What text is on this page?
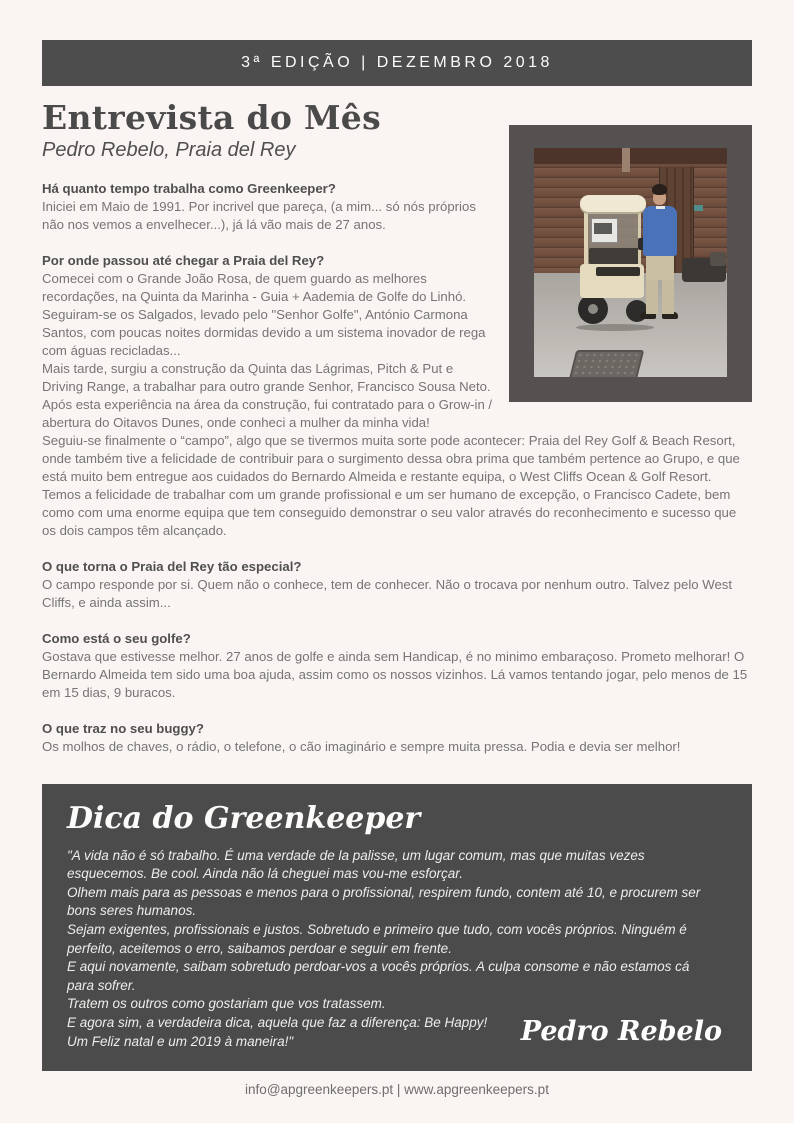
3ª EDIÇÃO | DEZEMBRO 2018
Entrevista do Mês
Pedro Rebelo, Praia del Rey
Há quanto tempo trabalha como Greenkeeper?

Iniciei em Maio de 1991. Por incrivel que pareça, (a mim... só nós próprios não nos vemos a envelhecer...), já lá vão mais de 27 anos.

Por onde passou até chegar a Praia del Rey?

Comecei com o Grande João Rosa, de quem guardo as melhores recordações, na Quinta da Marinha - Guia + Aademia de Golfe do Linhó.

Seguiram-se os Salgados, levado pelo "Senhor Golfe", António Carmona Santos, com poucas noites dormidas devido a um sistema inovador de rega com águas recicladas...

Mais tarde, surgiu a construção da Quinta das Lágrimas, Pitch & Put e Driving Range, a trabalhar para outro grande Senhor, Francisco Sousa Neto.

Após esta experiência na área da construção, fui contratado para o Grow-in / abertura do Oitavos Dunes, onde conheci a mulher da minha vida!

Seguiu-se finalmente o “campo”, algo que se tivermos muita sorte pode acontecer: Praia del Rey Golf & Beach Resort, onde também tive a felicidade de contribuir para o surgimento dessa obra prima que também pertence ao Grupo, e que está muito bem entregue aos cuidados do Bernardo Almeida e restante equipa, o West Cliffs Ocean & Golf Resort. Temos a felicidade de trabalhar com um grande profissional e um ser humano de excepção, o Francisco Cadete, bem como com uma enorme equipa que tem conseguido demonstrar o seu valor através do reconhecimento e sucesso que os dois campos têm alcançado.

O que torna o Praia del Rey tão especial?

O campo responde por si. Quem não o conhece, tem de conhecer. Não o trocava por nenhum outro. Talvez pelo West Cliffs, e ainda assim...

Como está o seu golfe?

Gostava que estivesse melhor. 27 anos de golfe e ainda sem Handicap, é no minimo embaraçoso. Prometo melhorar! O Bernardo Almeida tem sido uma boa ajuda, assim como os nossos vizinhos. Lá vamos tentando jogar, pelo menos de 15 em 15 dias, 9 buracos.

O que traz no seu buggy?

Os molhos de chaves, o rádio, o telefone, o cão imaginário e sempre muita pressa. Podia e devia ser melhor!

Dica do Greenkeeper

"A vida não é só trabalho. É uma verdade de la palisse, um lugar comum, mas que muitas vezes esquecemos. Be cool. Ainda não lá cheguei mas vou-me esforçar.

Olhem mais para as pessoas e menos para o profissional, respirem fundo, contem até 10, e procurem ser bons seres humanos.

Sejam exigentes, profissionais e justos. Sobretudo e primeiro que tudo, com vocês próprios. Ninguém é perfeito, aceitemos o erro, saibamos perdoar e seguir em frente.

E aqui novamente, saibam sobretudo perdoar-vos a vocês próprios. A culpa consome e não estamos cá para sofrer.

Tratem os outros como gostariam que vos tratassem.

E agora sim, a verdadeira dica, aquela que faz a diferença: Be Happy!

Um Feliz natal e um 2019 à maneira!"	Pedro Rebelo
info@apgreenkeepers.pt | www.apgreenkeepers.pt
